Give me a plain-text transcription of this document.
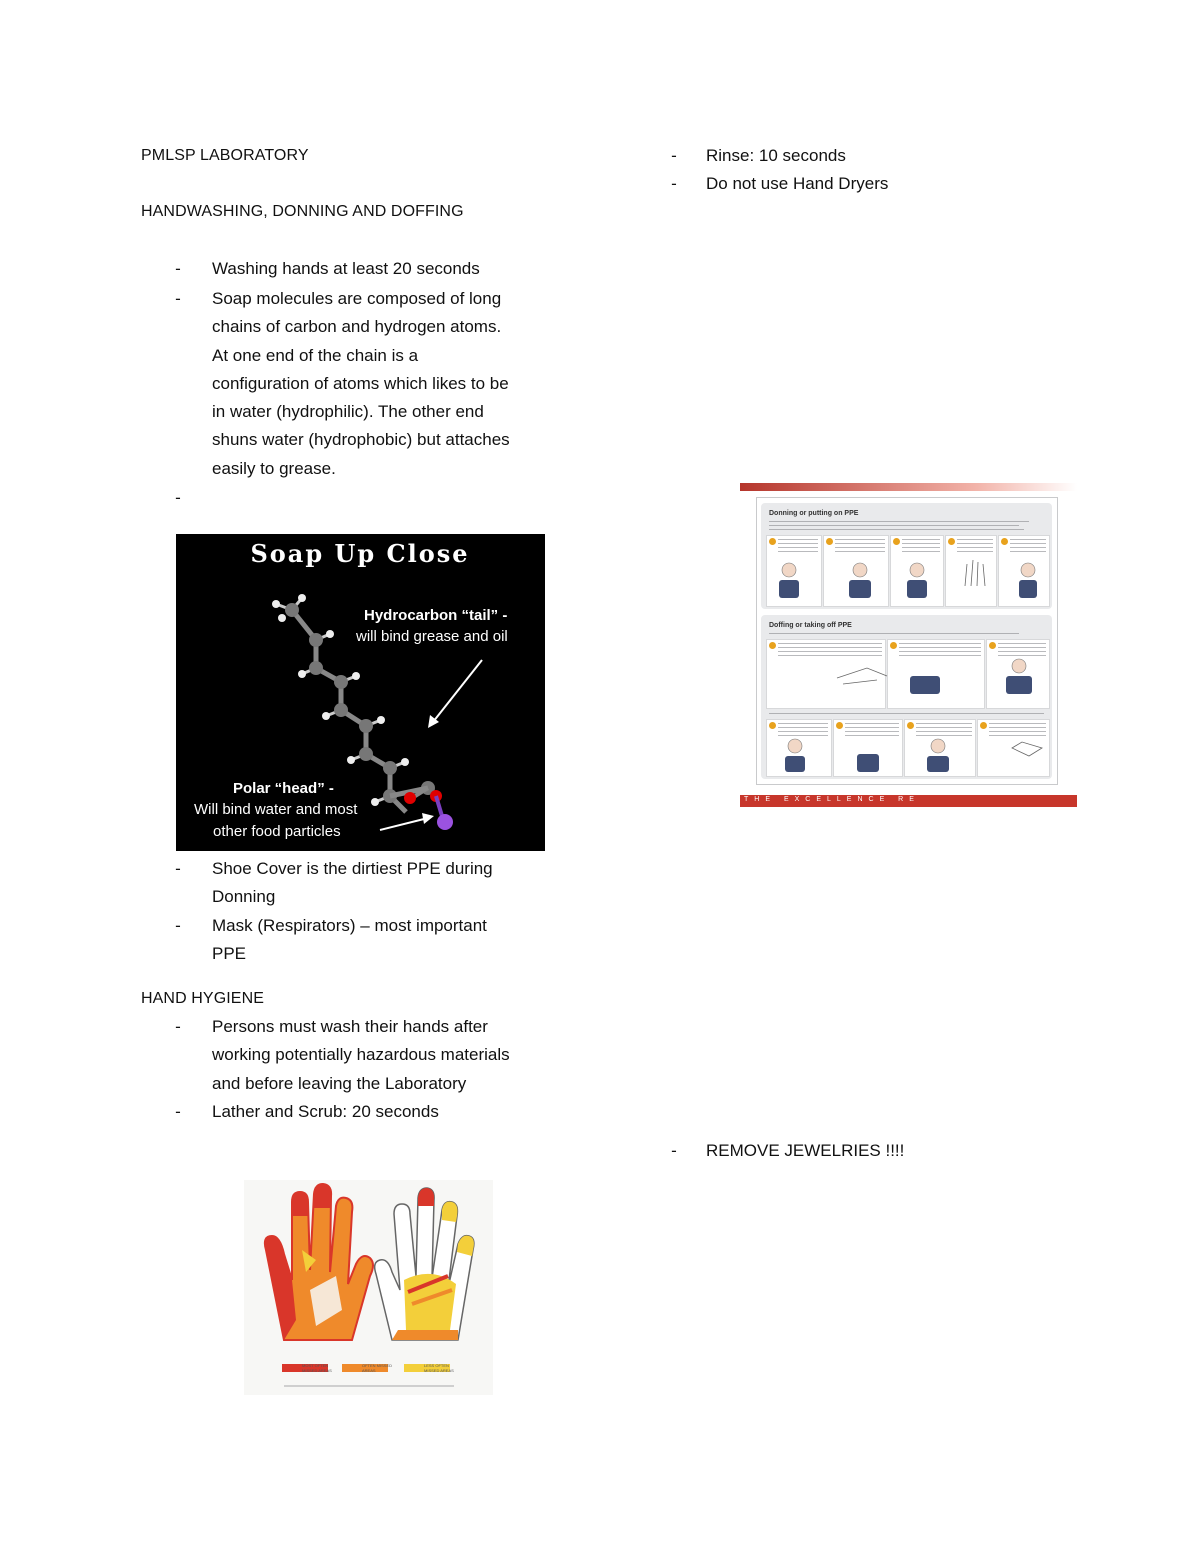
PMLSP LABORATORY
HANDWASHING, DONNING AND DOFFING
- Washing hands at least 20 seconds
- Soap molecules are composed of long
chains of carbon and hydrogen atoms.
At one end of the chain is a
configuration of atoms which likes to be
in water (hydrophilic). The other end
shuns water (hydrophobic) but attaches
easily to grease.
-
Soap Up Close
Hydrocarbon “tail” -
will bind grease and oil
Polar “head” -
Will bind water and most
other food particles
- Shoe Cover is the dirtiest PPE during
Donning
- Mask (Respirators) – most important
PPE
HAND HYGIENE
- Persons must wash their hands after
working potentially hazardous materials
and before leaving the Laboratory
- Lather and Scrub: 20 seconds
MOST OFTEN MISSED AREAS
OFTEN MISSED AREAS
LESS OFTEN MISSED AREAS
- Rinse: 10 seconds
- Do not use Hand Dryers
Donning or putting on PPE
Doffing or taking off PPE
THE EXCELLENCE RE
- REMOVE JEWELRIES !!!!
